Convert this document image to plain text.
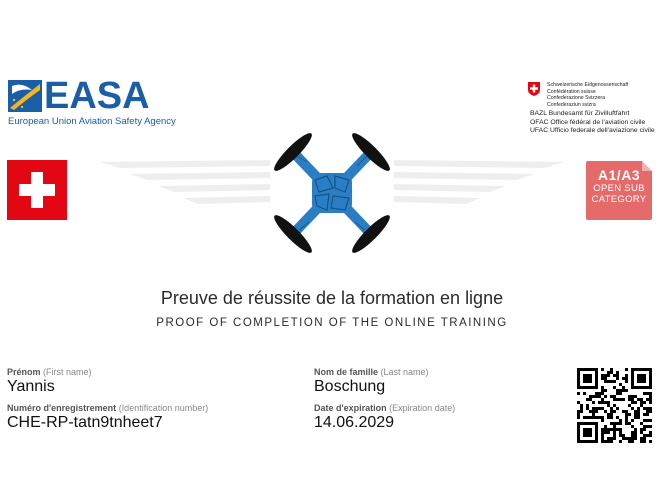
EASA
European Union Aviation Safety Agency
Schweizerische Eidgenossenschaft
Confédération suisse
Confederazione Svizzera
Confederaziun svizra
BAZL Bundesamt für Zivilluftfahrt
OFAC Office fédéral de l'aviation civile
UFAC Ufficio federale dell'aviazione civile
A1/A3
OPEN SUB
CATEGORY
Preuve de réussite de la formation en ligne
PROOF OF COMPLETION OF THE ONLINE TRAINING
Prénom (First name)
Yannis
Nom de famille (Last name)
Boschung
Numéro d'enregistrement (Identification number)
CHE-RP-tatn9tnheet7
Date d'expiration (Expiration date)
14.06.2029
